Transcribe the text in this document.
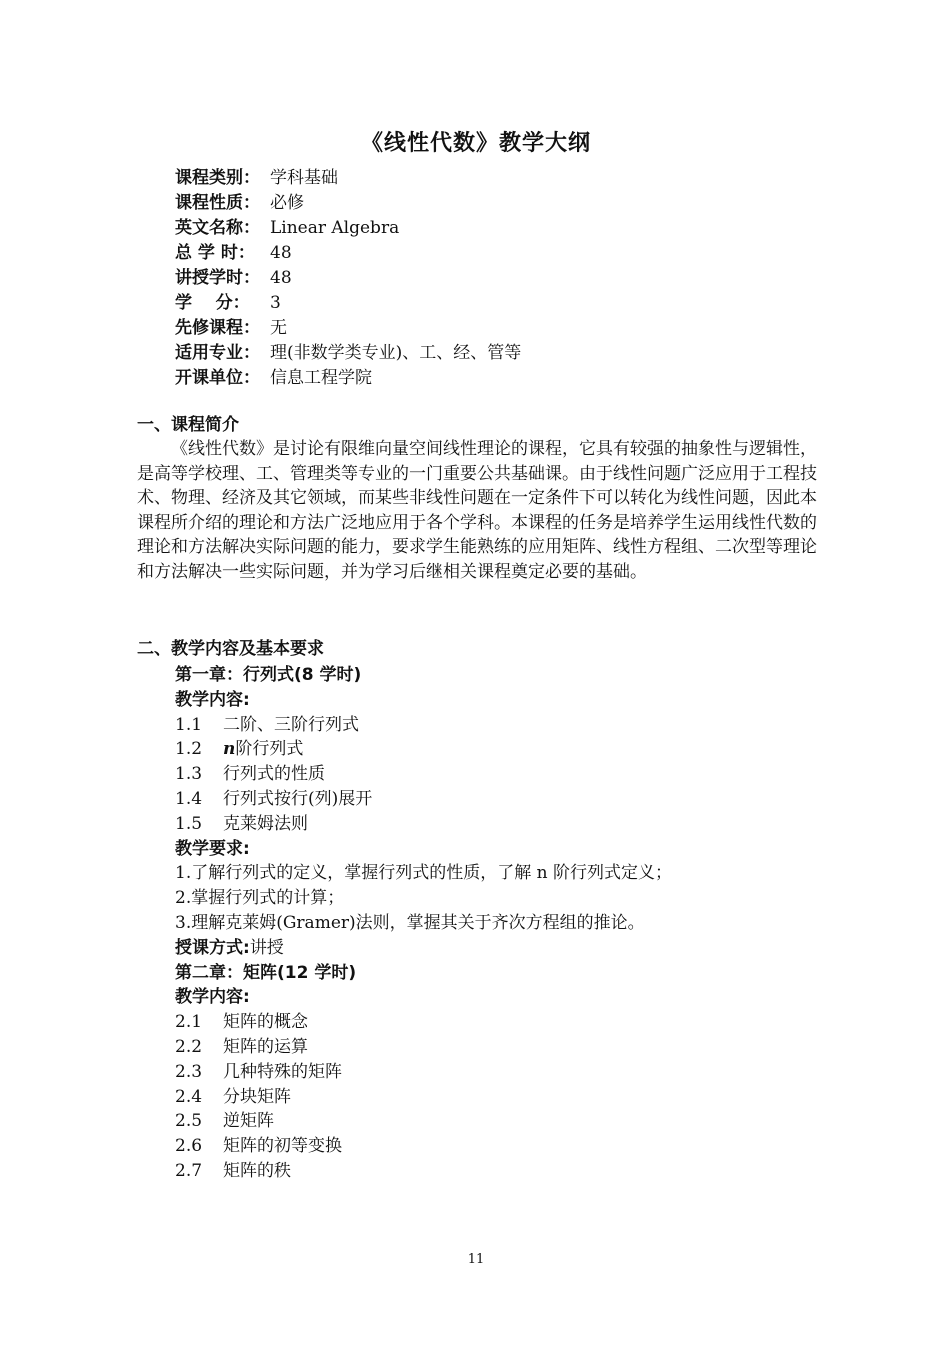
《线性代数》教学大纲
课程类别： 学科基础
课程性质： 必修
英文名称： Linear Algebra
总 学 时： 48
讲授学时： 48
学    分： 3
先修课程： 无
适用专业： 理(非数学类专业)、工、经、管等
开课单位： 信息工程学院
一、课程简介

《线性代数》是讨论有限维向量空间线性理论的课程，它具有较强的抽象性与逻辑性，是高等学校理、工、管理类等专业的一门重要公共基础课。由于线性问题广泛应用于工程技术、物理、经济及其它领域，而某些非线性问题在一定条件下可以转化为线性问题，因此本课程所介绍的理论和方法广泛地应用于各个学科。本课程的任务是培养学生运用线性代数的理论和方法解决实际问题的能力，要求学生能熟练的应用矩阵、线性方程组、二次型等理论和方法解决一些实际问题，并为学习后继相关课程奠定必要的基础。

二、教学内容及基本要求
第一章：行列式(8 学时)
教学内容:
1.1 二阶、三阶行列式
1.2 n阶行列式
1.3 行列式的性质
1.4 行列式按行(列)展开
1.5 克莱姆法则
教学要求:
1.了解行列式的定义，掌握行列式的性质，了解 n 阶行列式定义；
2.掌握行列式的计算；
3.理解克莱姆(Gramer)法则，掌握其关于齐次方程组的推论。
授课方式:讲授
第二章：矩阵(12 学时)
教学内容:
2.1 矩阵的概念
2.2 矩阵的运算
2.3 几种特殊的矩阵
2.4 分块矩阵
2.5 逆矩阵
2.6 矩阵的初等变换
2.7 矩阵的秩
11
